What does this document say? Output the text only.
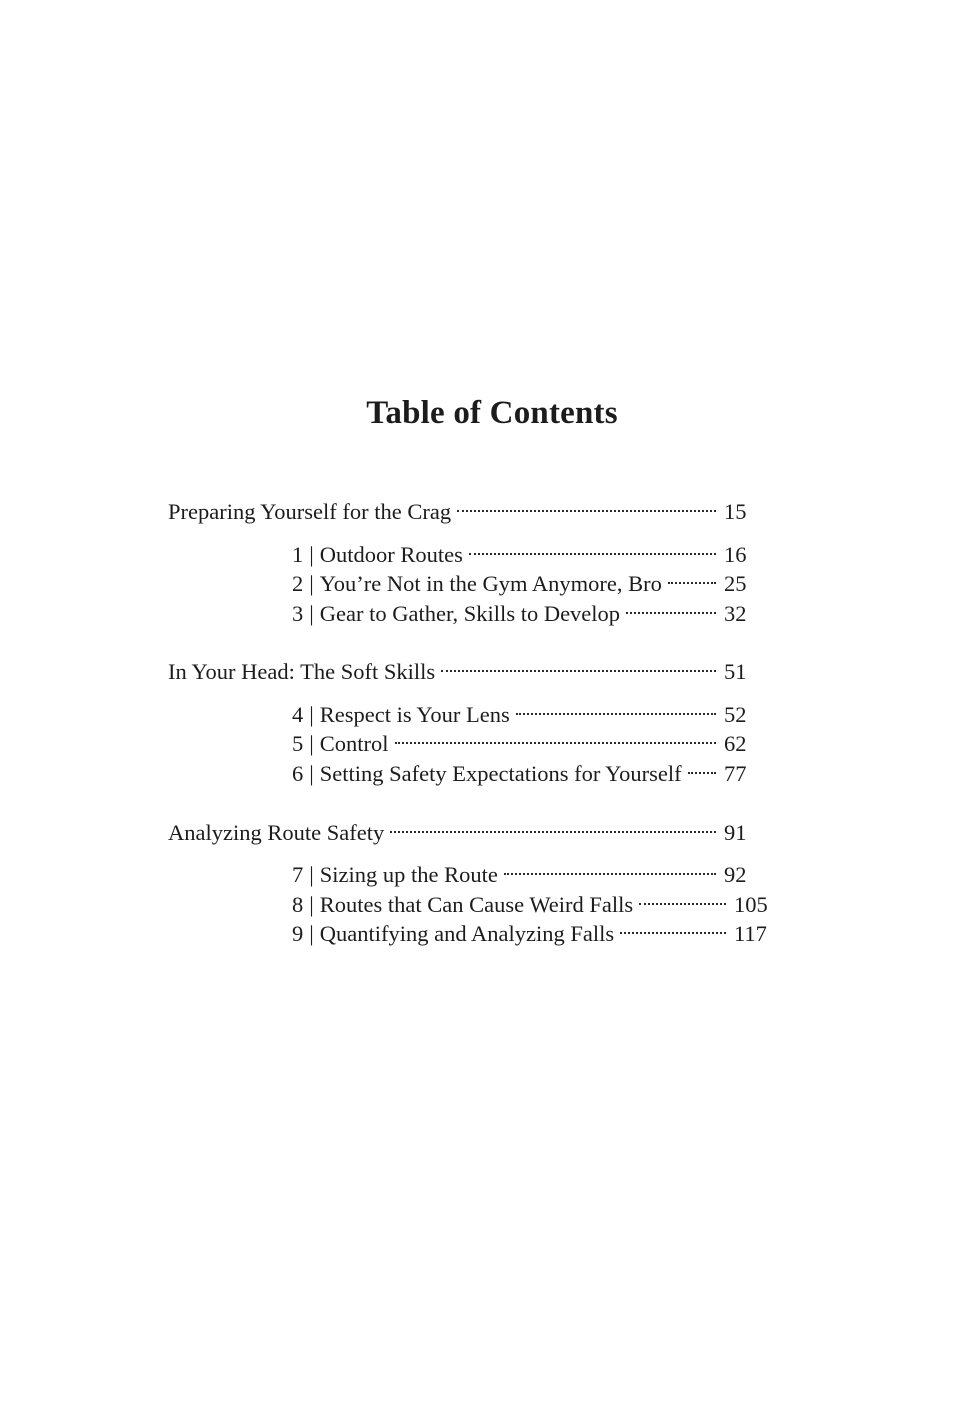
Table of Contents
Preparing Yourself for the Crag	15
1 | Outdoor Routes	16
2 | You’re Not in the Gym Anymore, Bro	25
3 | Gear to Gather, Skills to Develop	32
In Your Head: The Soft Skills	51
4 | Respect is Your Lens	52
5 | Control	62
6 | Setting Safety Expectations for Yourself 77
Analyzing Route Safety	91
7 | Sizing up the Route	92
8 | Routes that Can Cause Weird Falls	105
9 | Quantifying and Analyzing Falls	117
